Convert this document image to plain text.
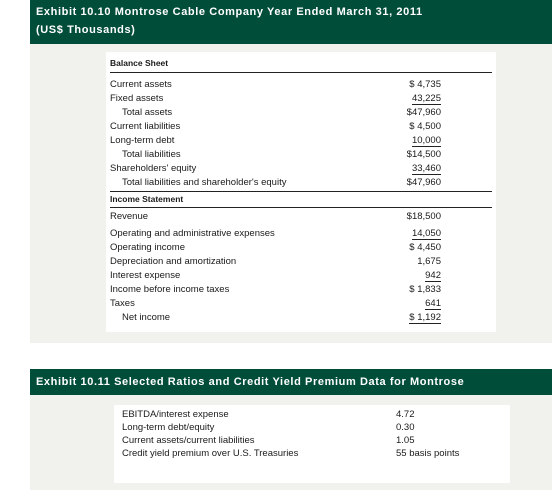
Exhibit 10.10 Montrose Cable Company Year Ended March 31, 2011
(US$ Thousands)
Balance Sheet
Current assets	$ 4,735
Fixed assets	43,225
Total assets	$47,960
Current liabilities	$ 4,500
Long-term debt	10,000
Total liabilities	$14,500
Shareholders' equity	33,460
Total liabilities and shareholder's equity	$47,960
Income Statement
Revenue	$18,500
Operating and administrative expenses	14,050
Operating income	$ 4,450
Depreciation and amortization	1,675
Interest expense	942
Income before income taxes	$ 1,833
Taxes	641
Net income	$ 1,192
Exhibit 10.11 Selected Ratios and Credit Yield Premium Data for Montrose
EBITDA/interest expense	4.72
Long-term debt/equity	0.30
Current assets/current liabilities	1.05
Credit yield premium over U.S. Treasuries	55 basis points
